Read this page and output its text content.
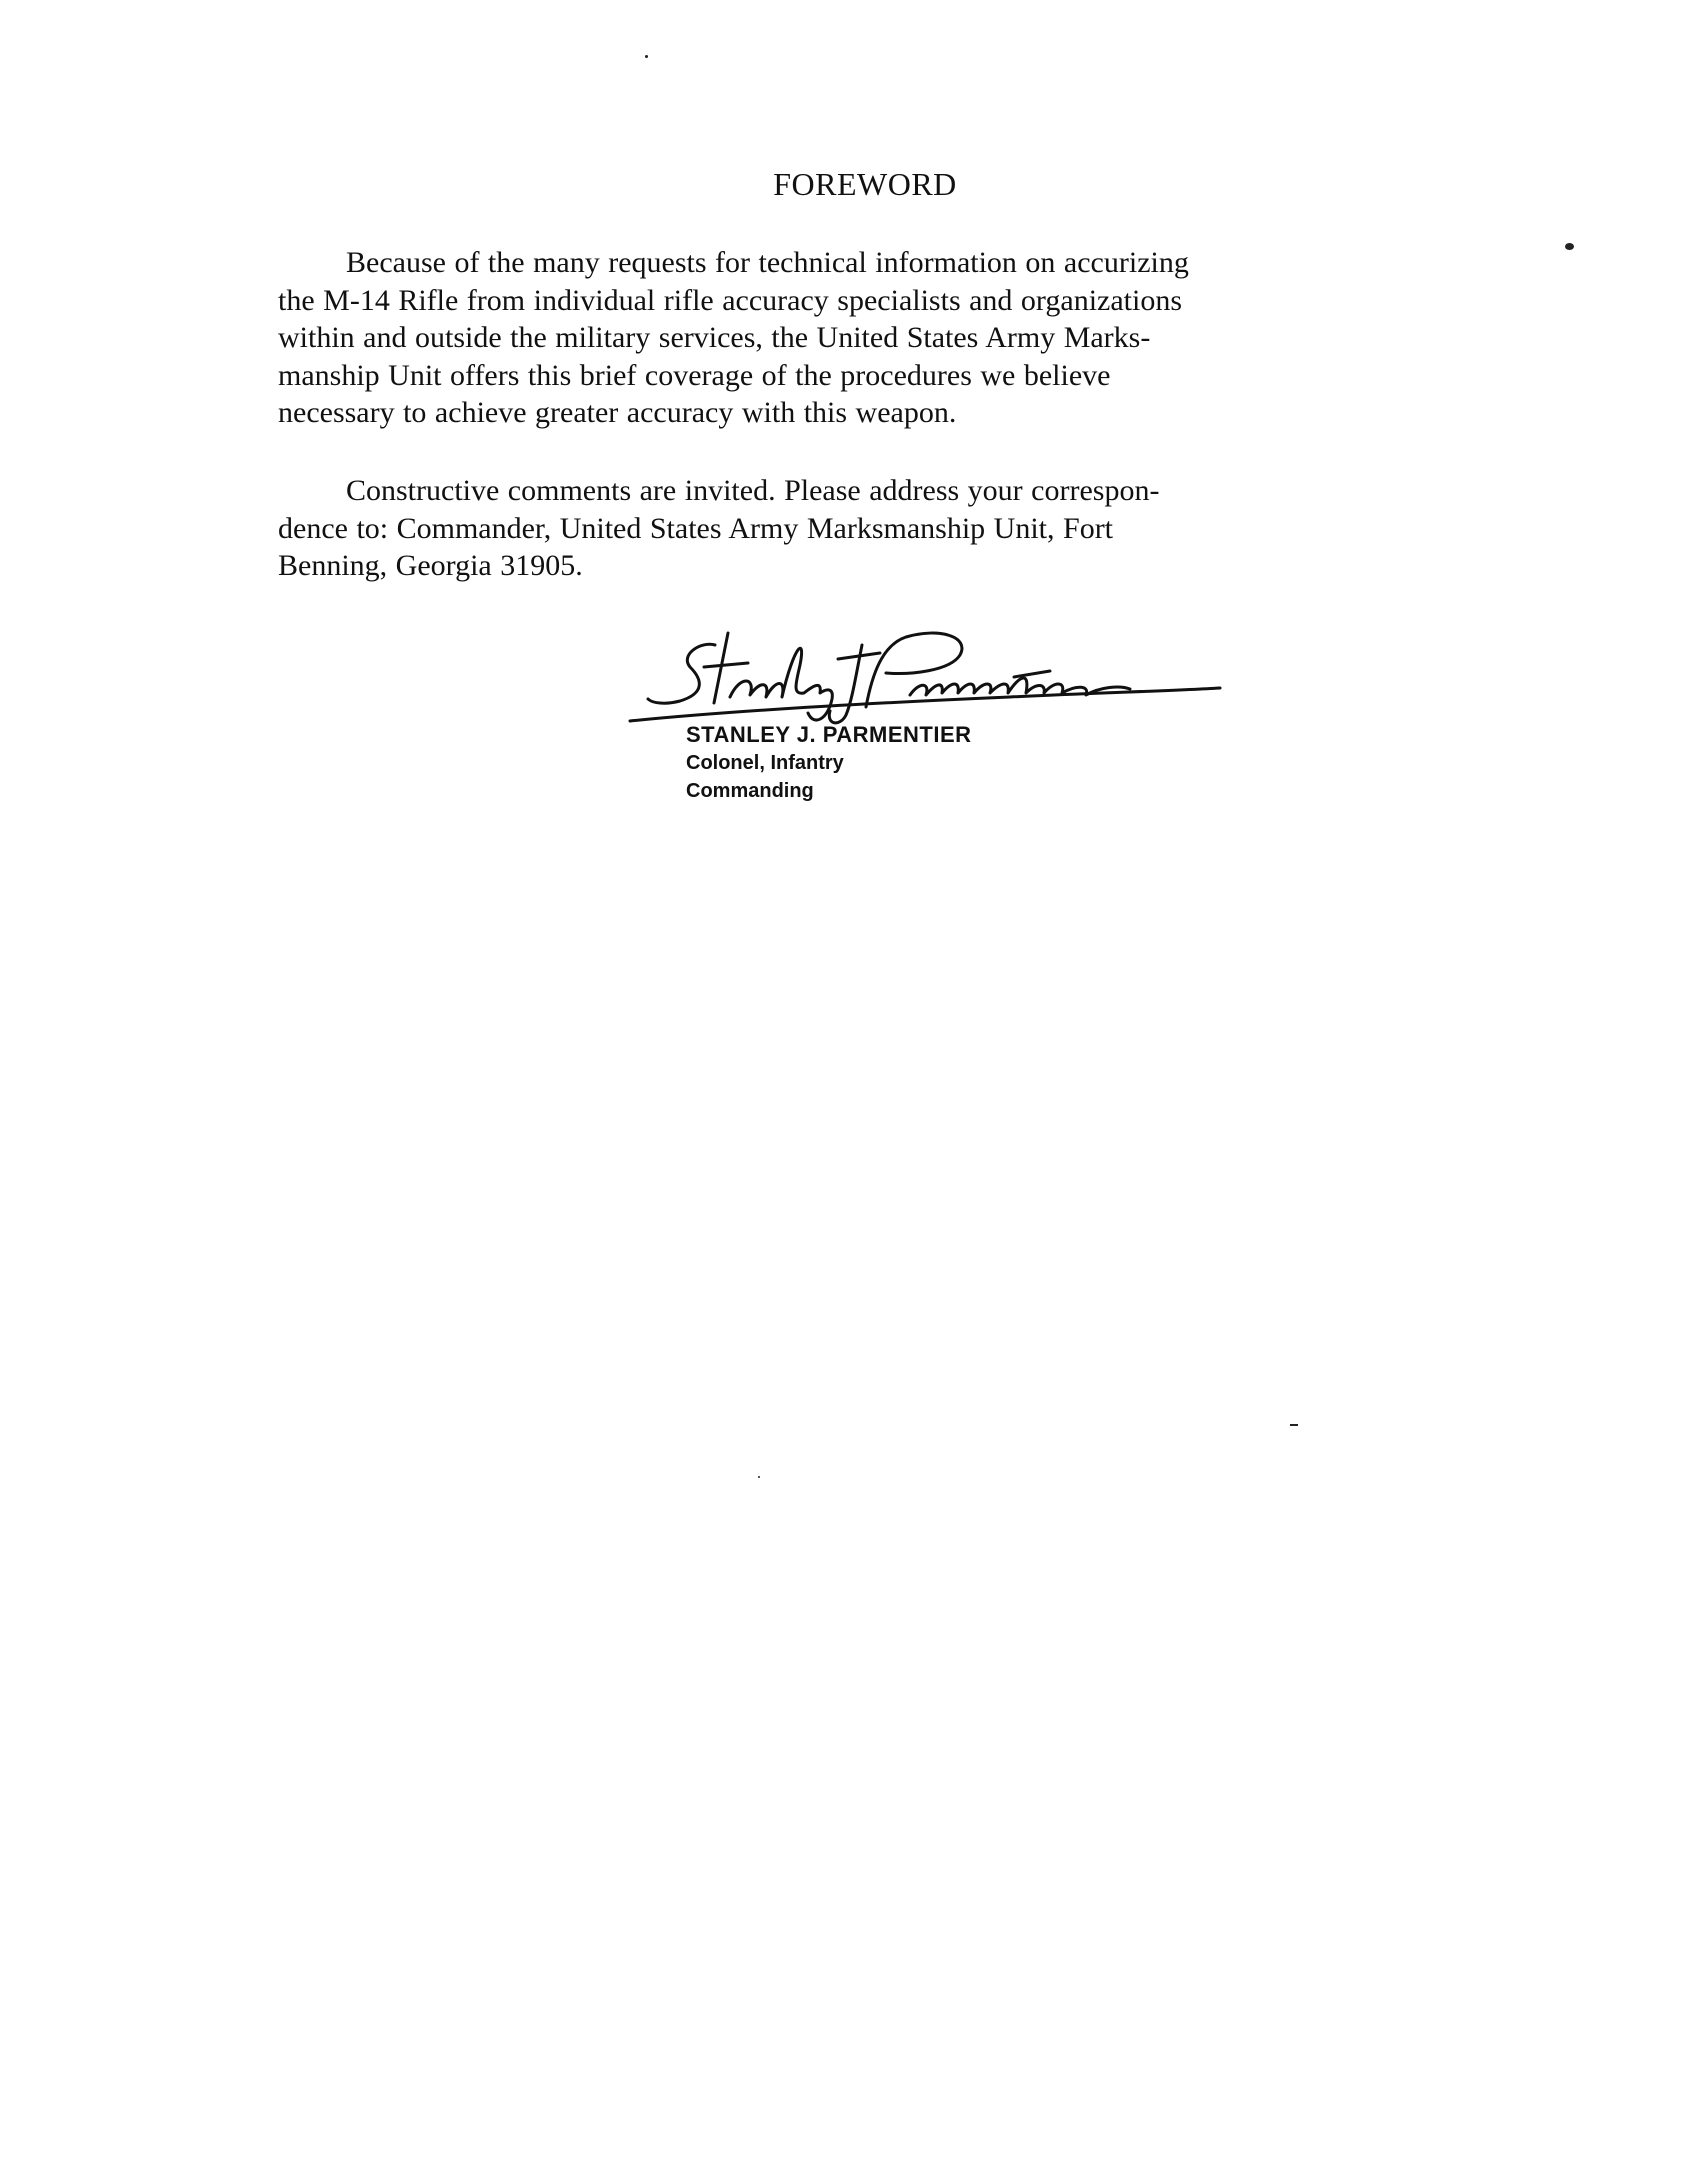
FOREWORD
Because of the many requests for technical information on accurizing
the M-14 Rifle from individual rifle accuracy specialists and organizations
within and outside the military services, the United States Army Marks-
manship Unit offers this brief coverage of the procedures we believe
necessary to achieve greater accuracy with this weapon.
Constructive comments are invited. Please address your correspon-
dence to: Commander, United States Army Marksmanship Unit, Fort
Benning, Georgia 31905.
STANLEY J. PARMENTIER
Colonel, Infantry
Commanding
